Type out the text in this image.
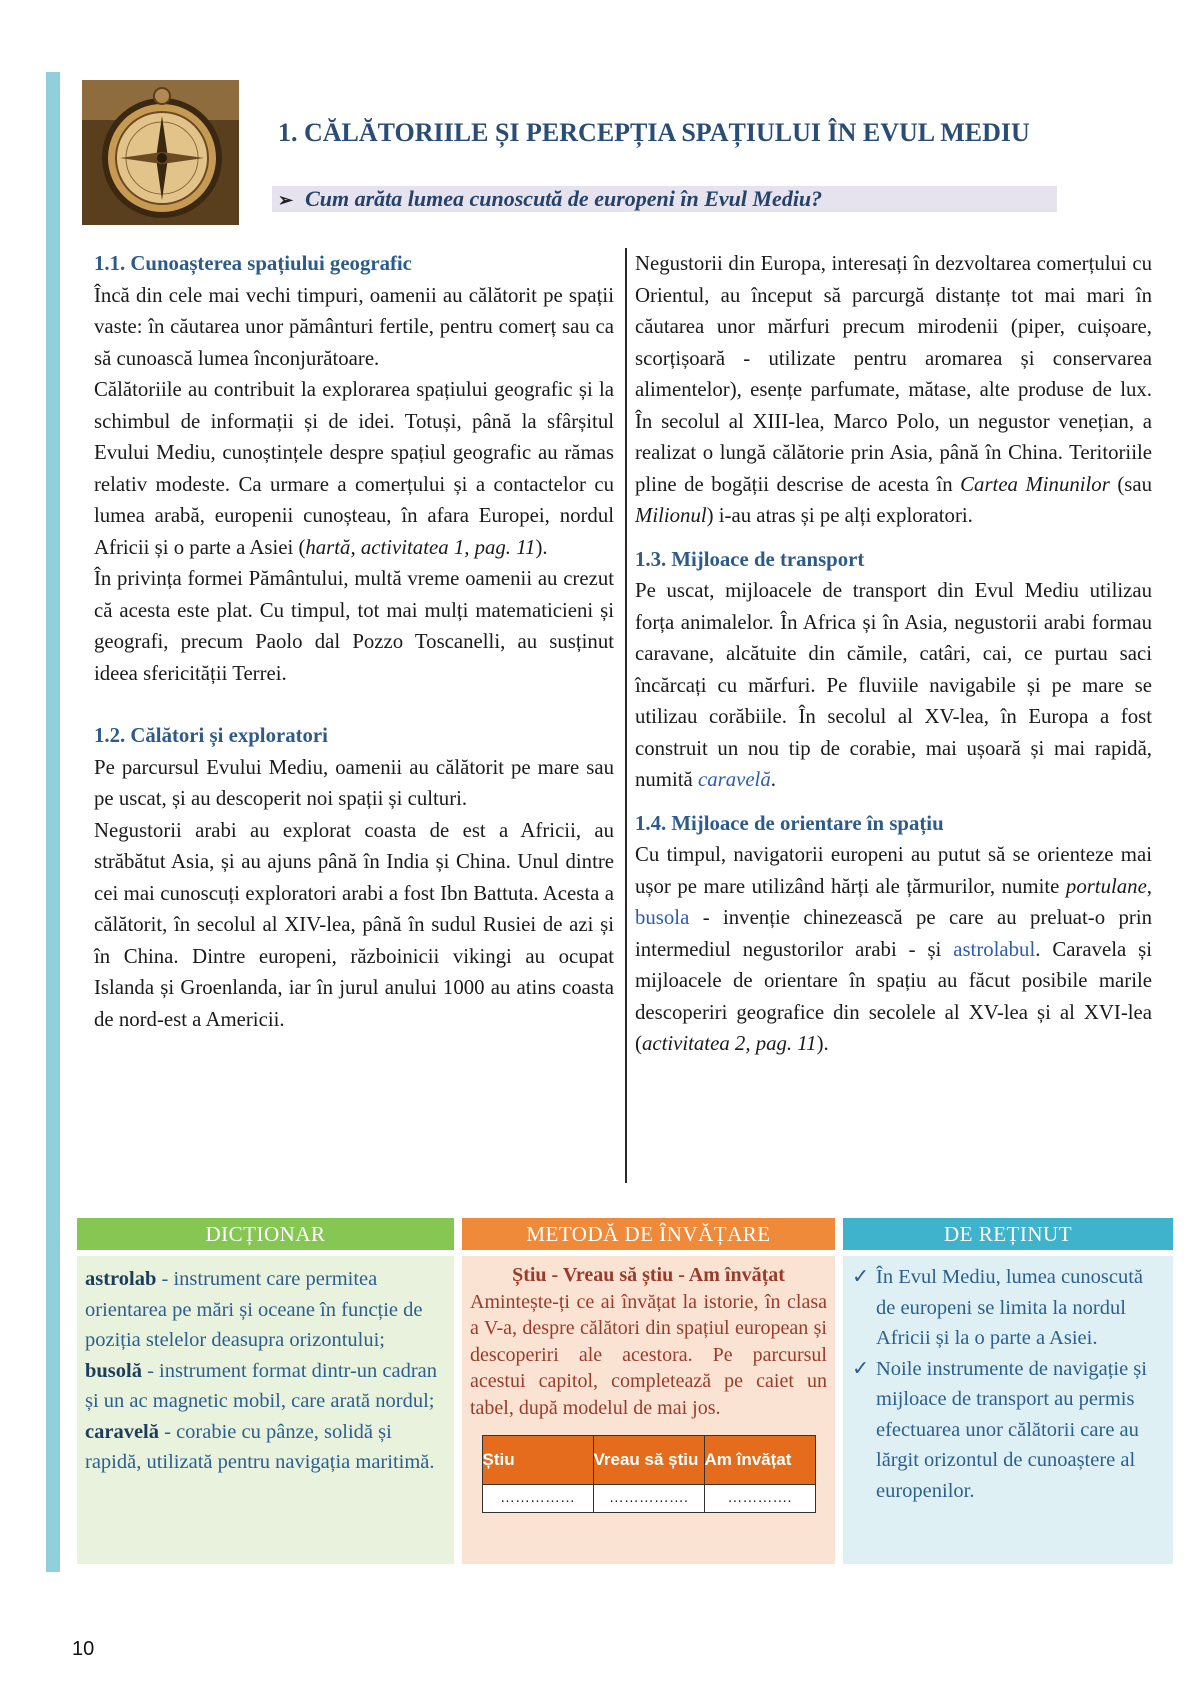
1. CĂLĂTORIILE ȘI PERCEPȚIA SPAȚIULUI ÎN EVUL MEDIU
➢ Cum arăta lumea cunoscută de europeni în Evul Mediu?

1.1. Cunoașterea spațiului geografic

Încă din cele mai vechi timpuri, oamenii au călătorit pe spații vaste: în căutarea unor pământuri fertile, pentru comerț sau ca să cunoască lumea înconjurătoare.

Călătoriile au contribuit la explorarea spațiului geografic și la schimbul de informații și de idei. Totuși, până la sfârșitul Evului Mediu, cunoștințele despre spațiul geografic au rămas relativ modeste. Ca urmare a comerțului și a contactelor cu lumea arabă, europenii cunoșteau, în afara Europei, nordul Africii și o parte a Asiei (hartă, activitatea 1, pag. 11).

În privința formei Pământului, multă vreme oamenii au crezut că acesta este plat. Cu timpul, tot mai mulți matematicieni și geografi, precum Paolo dal Pozzo Toscanelli, au susținut ideea sfericității Terrei.

1.2. Călători și exploratori

Pe parcursul Evului Mediu, oamenii au călătorit pe mare sau pe uscat, și au descoperit noi spații și culturi.

Negustorii arabi au explorat coasta de est a Africii, au străbătut Asia, și au ajuns până în India și China. Unul dintre cei mai cunoscuți exploratori arabi a fost Ibn Battuta. Acesta a călătorit, în secolul al XIV-lea, până în sudul Rusiei de azi și în China. Dintre europeni, războinicii vikingi au ocupat Islanda și Groenlanda, iar în jurul anului 1000 au atins coasta de nord-est a Americii.

Negustorii din Europa, interesați în dezvoltarea comerțului cu Orientul, au început să parcurgă distanțe tot mai mari în căutarea unor mărfuri precum mirodenii (piper, cuișoare, scorțișoară - utilizate pentru aromarea și conservarea alimentelor), esențe parfumate, mătase, alte produse de lux. În secolul al XIII-lea, Marco Polo, un negustor venețian, a realizat o lungă călătorie prin Asia, până în China. Teritoriile pline de bogății descrise de acesta în Cartea Minunilor (sau Milionul) i-au atras și pe alți exploratori.

1.3. Mijloace de transport

Pe uscat, mijloacele de transport din Evul Mediu utilizau forța animalelor. În Africa și în Asia, negustorii arabi formau caravane, alcătuite din cămile, catâri, cai, ce purtau saci încărcați cu mărfuri. Pe fluviile navigabile și pe mare se utilizau corăbiile. În secolul al XV-lea, în Europa a fost construit un nou tip de corabie, mai ușoară și mai rapidă, numită caravelă.

1.4. Mijloace de orientare în spațiu

Cu timpul, navigatorii europeni au putut să se orienteze mai ușor pe mare utilizând hărți ale țărmurilor, numite portulane, busola - invenție chinezească pe care au preluat-o prin intermediul negustorilor arabi - și astrolabul. Caravela și mijloacele de orientare în spațiu au făcut posibile marile descoperiri geografice din secolele al XV-lea și al XVI-lea (activitatea 2, pag. 11).

DICȚIONAR
astrolab - instrument care permitea orientarea pe mări și oceane în funcție de poziția stelelor deasupra orizontului;
busolă - instrument format dintr-un cadran și un ac magnetic mobil, care arată nordul;
caravelă - corabie cu pânze, solidă și rapidă, utilizată pentru navigația maritimă.
METODĂ DE ÎNVĂȚARE
Știu - Vreau să știu - Am învățat
Amintește-ți ce ai învățat la istorie, în clasa a V-a, despre călători din spațiul european și descoperiri ale acestora. Pe parcursul acestui capitol, completează pe caiet un tabel, după modelul de mai jos.
Știu	Vreau să știu	Am învățat
……………	…………….	………….
DE REȚINUT
✓ În Evul Mediu, lumea cunoscută de europeni se limita la nordul Africii și la o parte a Asiei.
✓ Noile instrumente de navigație și mijloace de transport au permis efectuarea unor călătorii care au lărgit orizontul de cunoaștere al europenilor.
10
